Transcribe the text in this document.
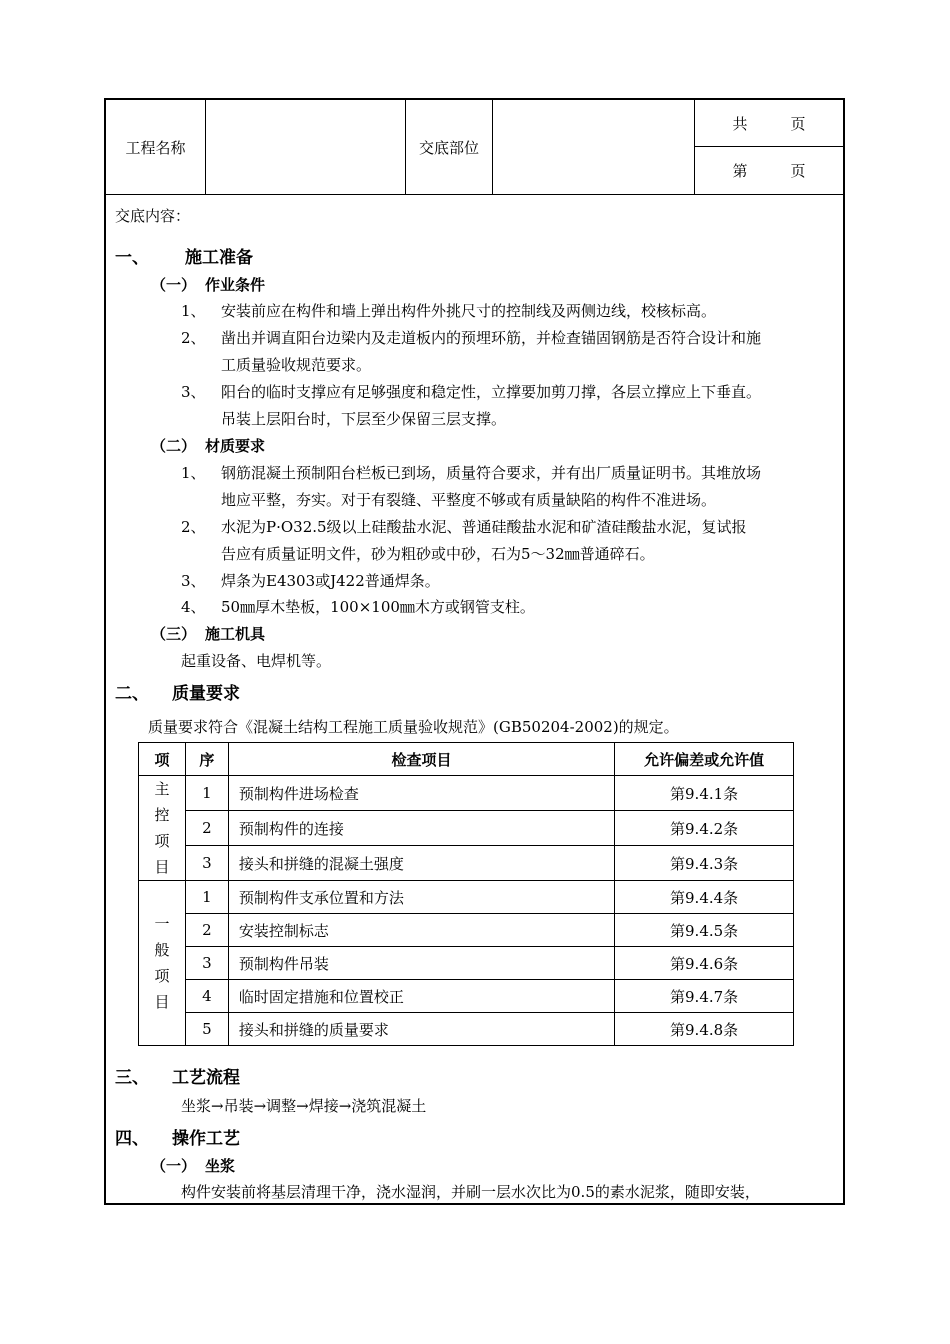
工程名称	交底部位
共	页
第	页
交底内容：
一、 施工准备
（一） 作业条件
1、 安装前应在构件和墙上弹出构件外挑尺寸的控制线及两侧边线，校核标高。
2、 凿出并调直阳台边梁内及走道板内的预埋环筋，并检查锚固钢筋是否符合设计和施
工质量验收规范要求。
3、 阳台的临时支撑应有足够强度和稳定性，立撑要加剪刀撑，各层立撑应上下垂直。
吊装上层阳台时，下层至少保留三层支撑。
（二） 材质要求
1、 钢筋混凝土预制阳台栏板已到场，质量符合要求，并有出厂质量证明书。其堆放场
地应平整，夯实。对于有裂缝、平整度不够或有质量缺陷的构件不准进场。
2、 水泥为P·O32.5级以上硅酸盐水泥、普通硅酸盐水泥和矿渣硅酸盐水泥，复试报
告应有质量证明文件，砂为粗砂或中砂，石为5～32㎜普通碎石。
3、 焊条为E4303或J422普通焊条。
4、 50㎜厚木垫板，100×100㎜木方或钢管支柱。
（三） 施工机具
起重设备、电焊机等。
二、 质量要求
质量要求符合《混凝土结构工程施工质量验收规范》(GB50204-2002)的规定。
项	序	检查项目	允许偏差或允许值

主控项目	1	预制构件进场检查	第9.4.1条
	2	预制构件的连接	第9.4.2条
	3	接头和拼缝的混凝土强度	第9.4.3条

一般项目	1	预制构件支承位置和方法	第9.4.4条
	2	安装控制标志	第9.4.5条
	3	预制构件吊装	第9.4.6条
	4	临时固定措施和位置校正	第9.4.7条
	5	接头和拼缝的质量要求	第9.4.8条
三、 工艺流程
坐浆→吊装→调整→焊接→浇筑混凝土
四、 操作工艺
（一） 坐浆
构件安装前将基层清理干净，浇水湿润，并刷一层水次比为0.5的素水泥浆，随即安装，
